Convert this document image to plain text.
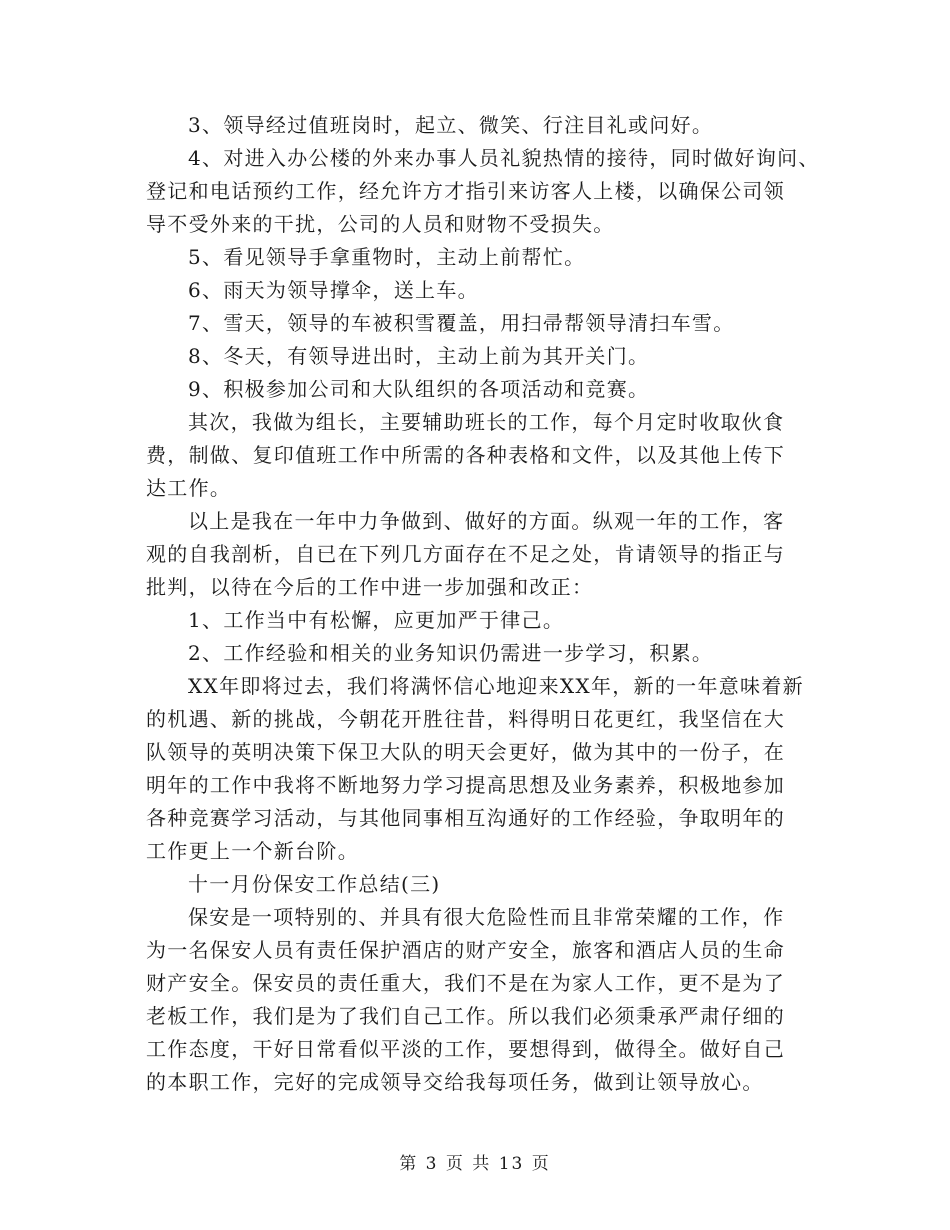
3、领导经过值班岗时，起立、微笑、行注目礼或问好。
4、对进入办公楼的外来办事人员礼貌热情的接待，同时做好询问、
登记和电话预约工作，经允许方才指引来访客人上楼，以确保公司领
导不受外来的干扰，公司的人员和财物不受损失。
5、看见领导手拿重物时，主动上前帮忙。
6、雨天为领导撑伞，送上车。
7、雪天，领导的车被积雪覆盖，用扫帚帮领导清扫车雪。
8、冬天，有领导进出时，主动上前为其开关门。
9、积极参加公司和大队组织的各项活动和竞赛。
其次，我做为组长，主要辅助班长的工作，每个月定时收取伙食
费，制做、复印值班工作中所需的各种表格和文件，以及其他上传下
达工作。
以上是我在一年中力争做到、做好的方面。纵观一年的工作，客
观的自我剖析，自已在下列几方面存在不足之处，肯请领导的指正与
批判，以待在今后的工作中进一步加强和改正：
1、工作当中有松懈，应更加严于律己。
2、工作经验和相关的业务知识仍需进一步学习，积累。
XX年即将过去，我们将满怀信心地迎来XX年，新的一年意味着新
的机遇、新的挑战，今朝花开胜往昔，料得明日花更红，我坚信在大
队领导的英明决策下保卫大队的明天会更好，做为其中的一份子，在
明年的工作中我将不断地努力学习提高思想及业务素养，积极地参加
各种竞赛学习活动，与其他同事相互沟通好的工作经验，争取明年的
工作更上一个新台阶。
十一月份保安工作总结(三)
保安是一项特别的、并具有很大危险性而且非常荣耀的工作，作
为一名保安人员有责任保护酒店的财产安全，旅客和酒店人员的生命
财产安全。保安员的责任重大，我们不是在为家人工作，更不是为了
老板工作，我们是为了我们自己工作。所以我们必须秉承严肃仔细的
工作态度，干好日常看似平淡的工作，要想得到，做得全。做好自己
的本职工作，完好的完成领导交给我每项任务，做到让领导放心。
第 3 页 共 13 页
